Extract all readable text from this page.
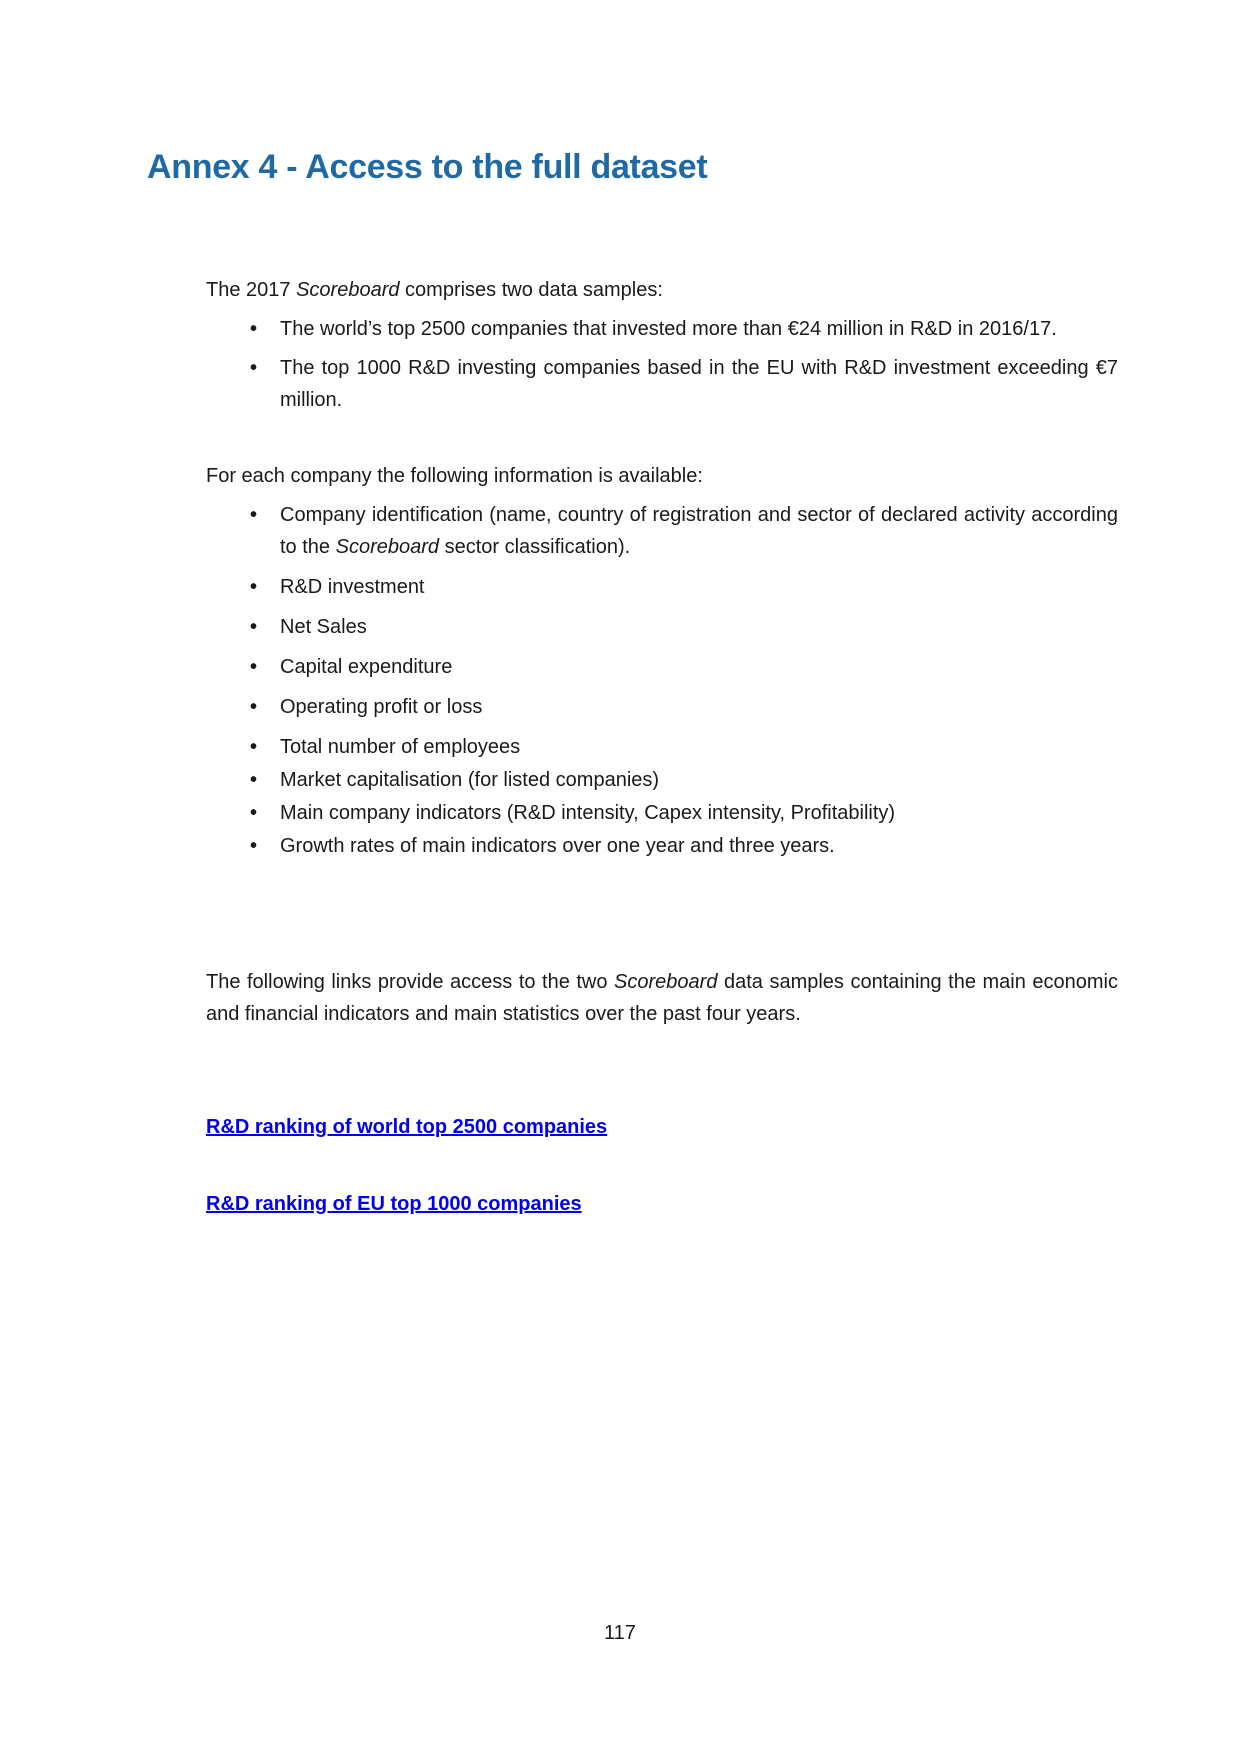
Annex 4 - Access to the full dataset

The 2017 Scoreboard comprises two data samples:

• The world’s top 2500 companies that invested more than €24 million in R&D in 2016/17.
• The top 1000 R&D investing companies based in the EU with R&D investment exceeding €7 million.

For each company the following information is available:

• Company identification (name, country of registration and sector of declared activity according to the Scoreboard sector classification).
• R&D investment
• Net Sales
• Capital expenditure
• Operating profit or loss
• Total number of employees
• Market capitalisation (for listed companies)
• Main company indicators (R&D intensity, Capex intensity, Profitability)
• Growth rates of main indicators over one year and three years.

The following links provide access to the two Scoreboard data samples containing the main economic and financial indicators and main statistics over the past four years.

R&D ranking of world top 2500 companies
R&D ranking of EU top 1000 companies
117
